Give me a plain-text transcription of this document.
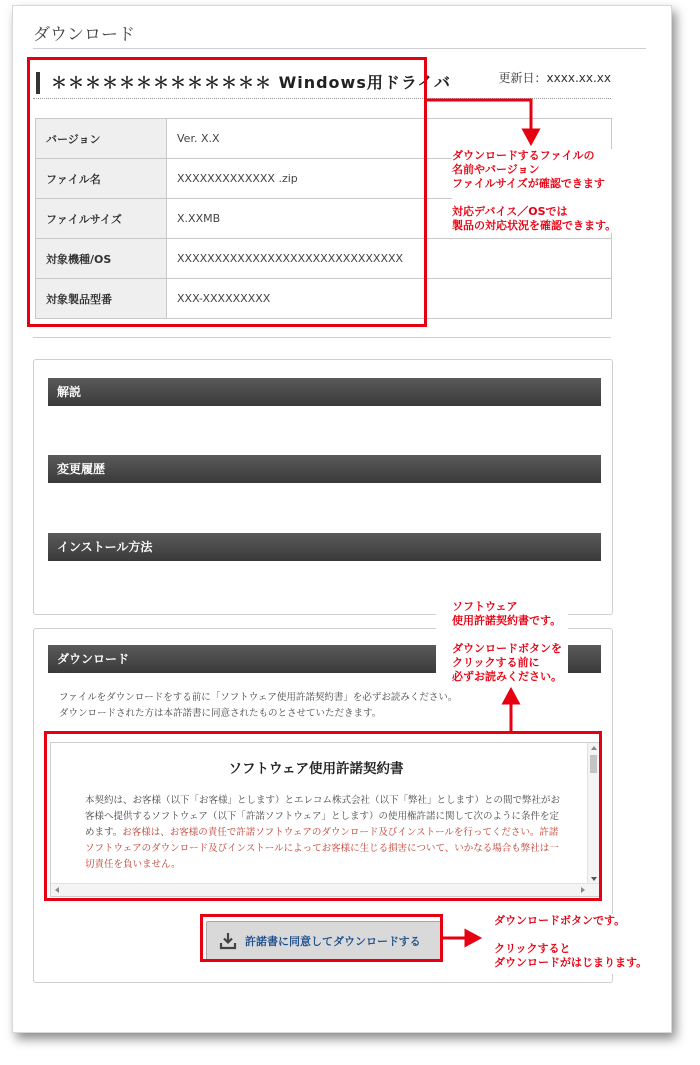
ダウンロード
＊＊＊＊＊＊＊＊＊＊＊＊＊ Windows用ドライバ	更新日：xxxx.xx.xx
バージョン	Ver. X.X
ファイル名	XXXXXXXXXXXXX .zip
ファイルサイズ	X.XXMB
対象機種/OS	XXXXXXXXXXXXXXXXXXXXXXXXXXXXXX
対象製品型番	XXX-XXXXXXXXX
解説
変更履歴
インストール方法
ダウンロード
ファイルをダウンロードをする前に「ソフトウェア使用許諾契約書」を必ずお読みください。
ダウンロードされた方は本許諾書に同意されたものとさせていただきます。
ソフトウェア使用許諾契約書
本契約は、お客様（以下「お客様」とします）とエレコム株式会社（以下「弊社」とします）との間で弊社がお客様へ提供するソフトウェア（以下「許諾ソフトウェア」とします）の使用権許諾に関して次のように条件を定めます。お客様は、お客様の責任で許諾ソフトウェアのダウンロード及びインストールを行ってください。許諾ソフトウェアのダウンロード及びインストールによってお客様に生じる損害について、いかなる場合も弊社は一切責任を負いません。
許諾書に同意してダウンロードする
ダウンロードするファイルの
名前やバージョン
ファイルサイズが確認できます

対応デバイス／OSでは
製品の対応状況を確認できます。
ソフトウェア
使用許諾契約書です。

ダウンロードボタンを
クリックする前に
必ずお読みください。
ダウンロードボタンです。

クリックすると
ダウンロードがはじまります。
